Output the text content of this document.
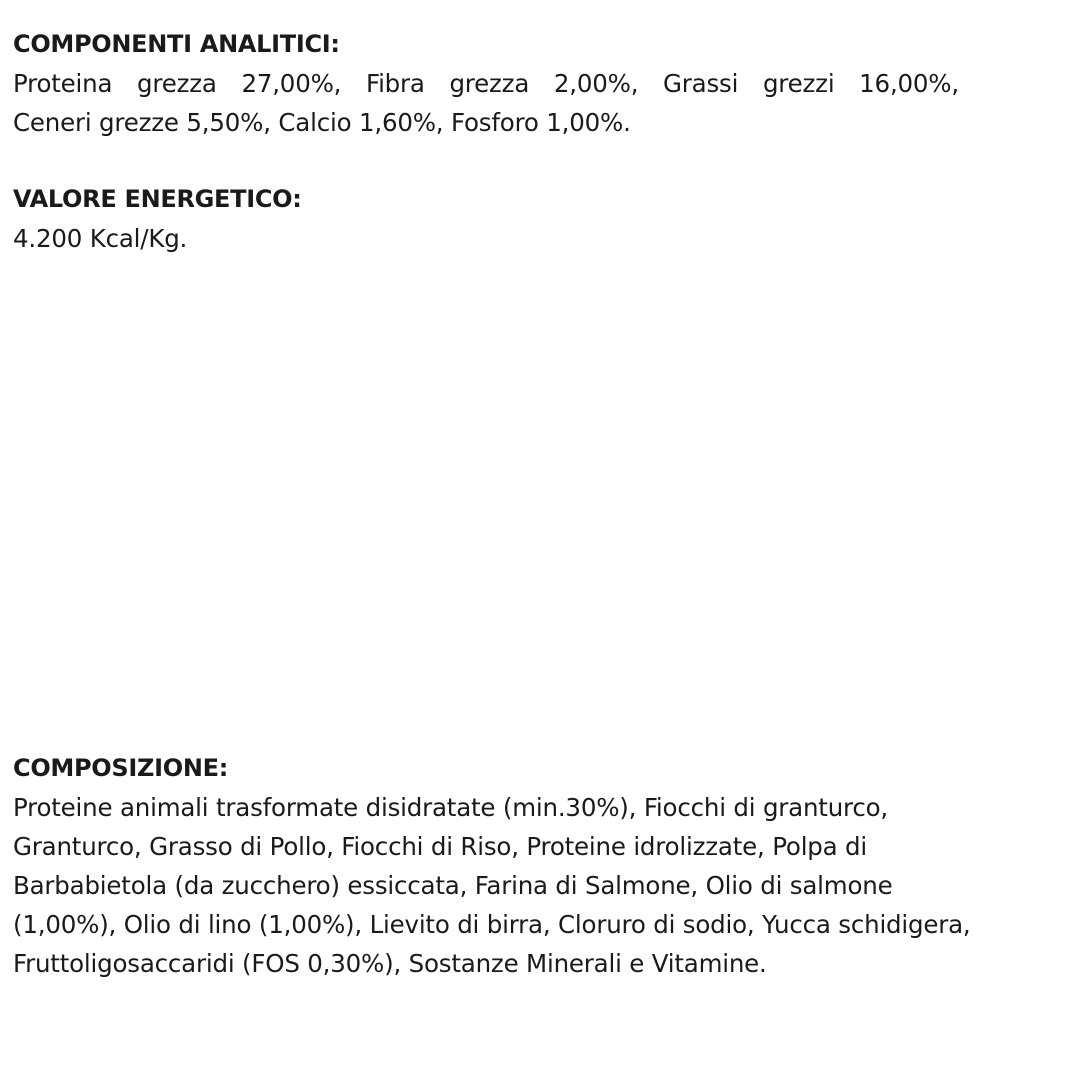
COMPONENTI ANALITICI:
Proteina grezza 27,00%, Fibra grezza 2,00%, Grassi grezzi 16,00%,
Ceneri grezze 5,50%, Calcio 1,60%, Fosforo 1,00%.
VALORE ENERGETICO:
4.200 Kcal/Kg.
COMPOSIZIONE:
Proteine animali trasformate disidratate (min.30%), Fiocchi di granturco,
Granturco, Grasso di Pollo, Fiocchi di Riso, Proteine idrolizzate, Polpa di
Barbabietola (da zucchero) essiccata, Farina di Salmone, Olio di salmone
(1,00%), Olio di lino (1,00%), Lievito di birra, Cloruro di sodio, Yucca schidigera,
Fruttoligosaccaridi (FOS 0,30%), Sostanze Minerali e Vitamine.
